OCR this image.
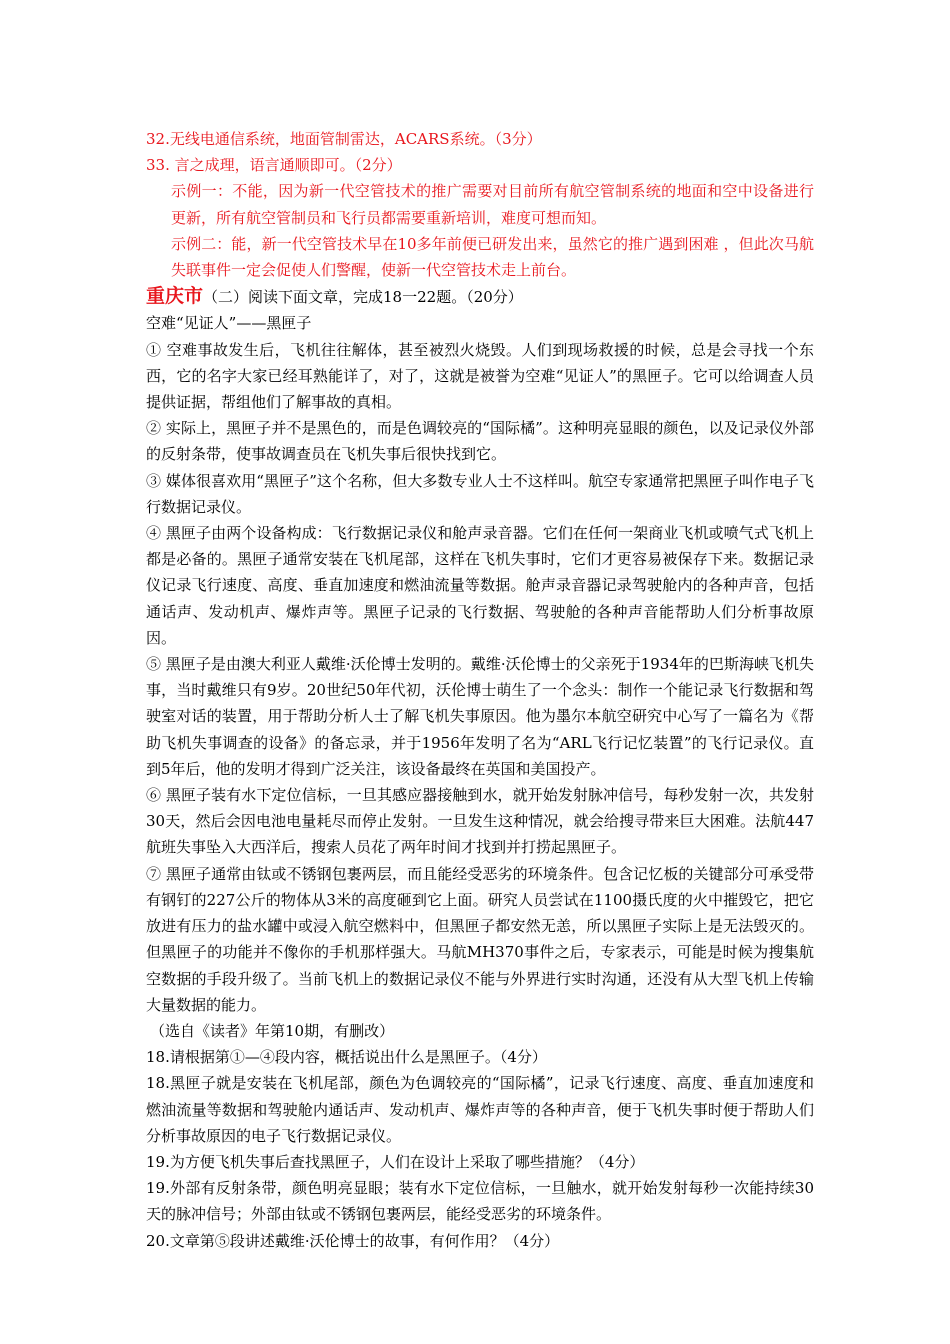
32.无线电通信系统，地面管制雷达，ACARS系统。（3分）

33. 言之成理，语言通顺即可。（2分）

示例一：不能，因为新一代空管技术的推广需要对目前所有航空管制系统的地面和空中设备进行更新，所有航空管制员和飞行员都需要重新培训，难度可想而知。

示例二：能，新一代空管技术早在10多年前便已研发出来，虽然它的推广遇到困难 ，但此次马航失联事件一定会促使人们警醒，使新一代空管技术走上前台。

重庆市（二）阅读下面文章，完成18一22题。（20分）

空难“见证人”——黑匣子

① 空难事故发生后，飞机往往解体，甚至被烈火烧毁。人们到现场救援的时候，总是会寻找一个东西，它的名字大家已经耳熟能详了，对了，这就是被誉为空难“见证人”的黑匣子。它可以给调查人员提供证据，帮组他们了解事故的真相。

② 实际上，黑匣子并不是黑色的，而是色调较亮的“国际橘”。这种明亮显眼的颜色，以及记录仪外部的反射条带，使事故调查员在飞机失事后很快找到它。

③ 媒体很喜欢用“黑匣子”这个名称，但大多数专业人士不这样叫。航空专家通常把黑匣子叫作电子飞行数据记录仪。

④ 黑匣子由两个设备构成：飞行数据记录仪和舱声录音器。它们在任何一架商业飞机或喷气式飞机上都是必备的。黑匣子通常安装在飞机尾部，这样在飞机失事时，它们才更容易被保存下来。数据记录仪记录飞行速度、高度、垂直加速度和燃油流量等数据。舱声录音器记录驾驶舱内的各种声音，包括通话声、发动机声、爆炸声等。黑匣子记录的飞行数据、驾驶舱的各种声音能帮助人们分析事故原因。

⑤ 黑匣子是由澳大利亚人戴维·沃伦博士发明的。戴维·沃伦博士的父亲死于1934年的巴斯海峡飞机失事，当时戴维只有9岁。20世纪50年代初，沃伦博士萌生了一个念头：制作一个能记录飞行数据和驾驶室对话的装置，用于帮助分析人士了解飞机失事原因。他为墨尔本航空研究中心写了一篇名为《帮助飞机失事调查的设备》的备忘录，并于1956年发明了名为“ARL飞行记忆装置”的飞行记录仪。直到5年后，他的发明才得到广泛关注，该设备最终在英国和美国投产。

⑥ 黑匣子装有水下定位信标，一旦其感应器接触到水，就开始发射脉冲信号，每秒发射一次，共发射30天，然后会因电池电量耗尽而停止发射。一旦发生这种情况，就会给搜寻带来巨大困难。法航447航班失事坠入大西洋后，搜索人员花了两年时间才找到并打捞起黑匣子。

⑦ 黑匣子通常由钛或不锈钢包裹两层，而且能经受恶劣的环境条件。包含记忆板的关键部分可承受带有钢钉的227公斤的物体从3米的高度砸到它上面。研究人员尝试在1100摄氏度的火中摧毁它，把它放进有压力的盐水罐中或浸入航空燃料中，但黑匣子都安然无恙，所以黑匣子实际上是无法毁灭的。但黑匣子的功能并不像你的手机那样强大。马航MH370事件之后，专家表示，可能是时候为搜集航空数据的手段升级了。当前飞机上的数据记录仪不能与外界进行实时沟通，还没有从大型飞机上传输大量数据的能力。

（选自《读者》年第10期，有删改）

18.请根据第①—④段内容，概括说出什么是黑匣子。（4分）

18.黑匣子就是安装在飞机尾部，颜色为色调较亮的“国际橘”，记录飞行速度、高度、垂直加速度和燃油流量等数据和驾驶舱内通话声、发动机声、爆炸声等的各种声音，便于飞机失事时便于帮助人们分析事故原因的电子飞行数据记录仪。

19.为方便飞机失事后查找黑匣子，人们在设计上采取了哪些措施？（4分）

19.外部有反射条带，颜色明亮显眼；装有水下定位信标，一旦触水，就开始发射每秒一次能持续30天的脉冲信号；外部由钛或不锈钢包裹两层，能经受恶劣的环境条件。

20.文章第⑤段讲述戴维·沃伦博士的故事，有何作用？（4分）
